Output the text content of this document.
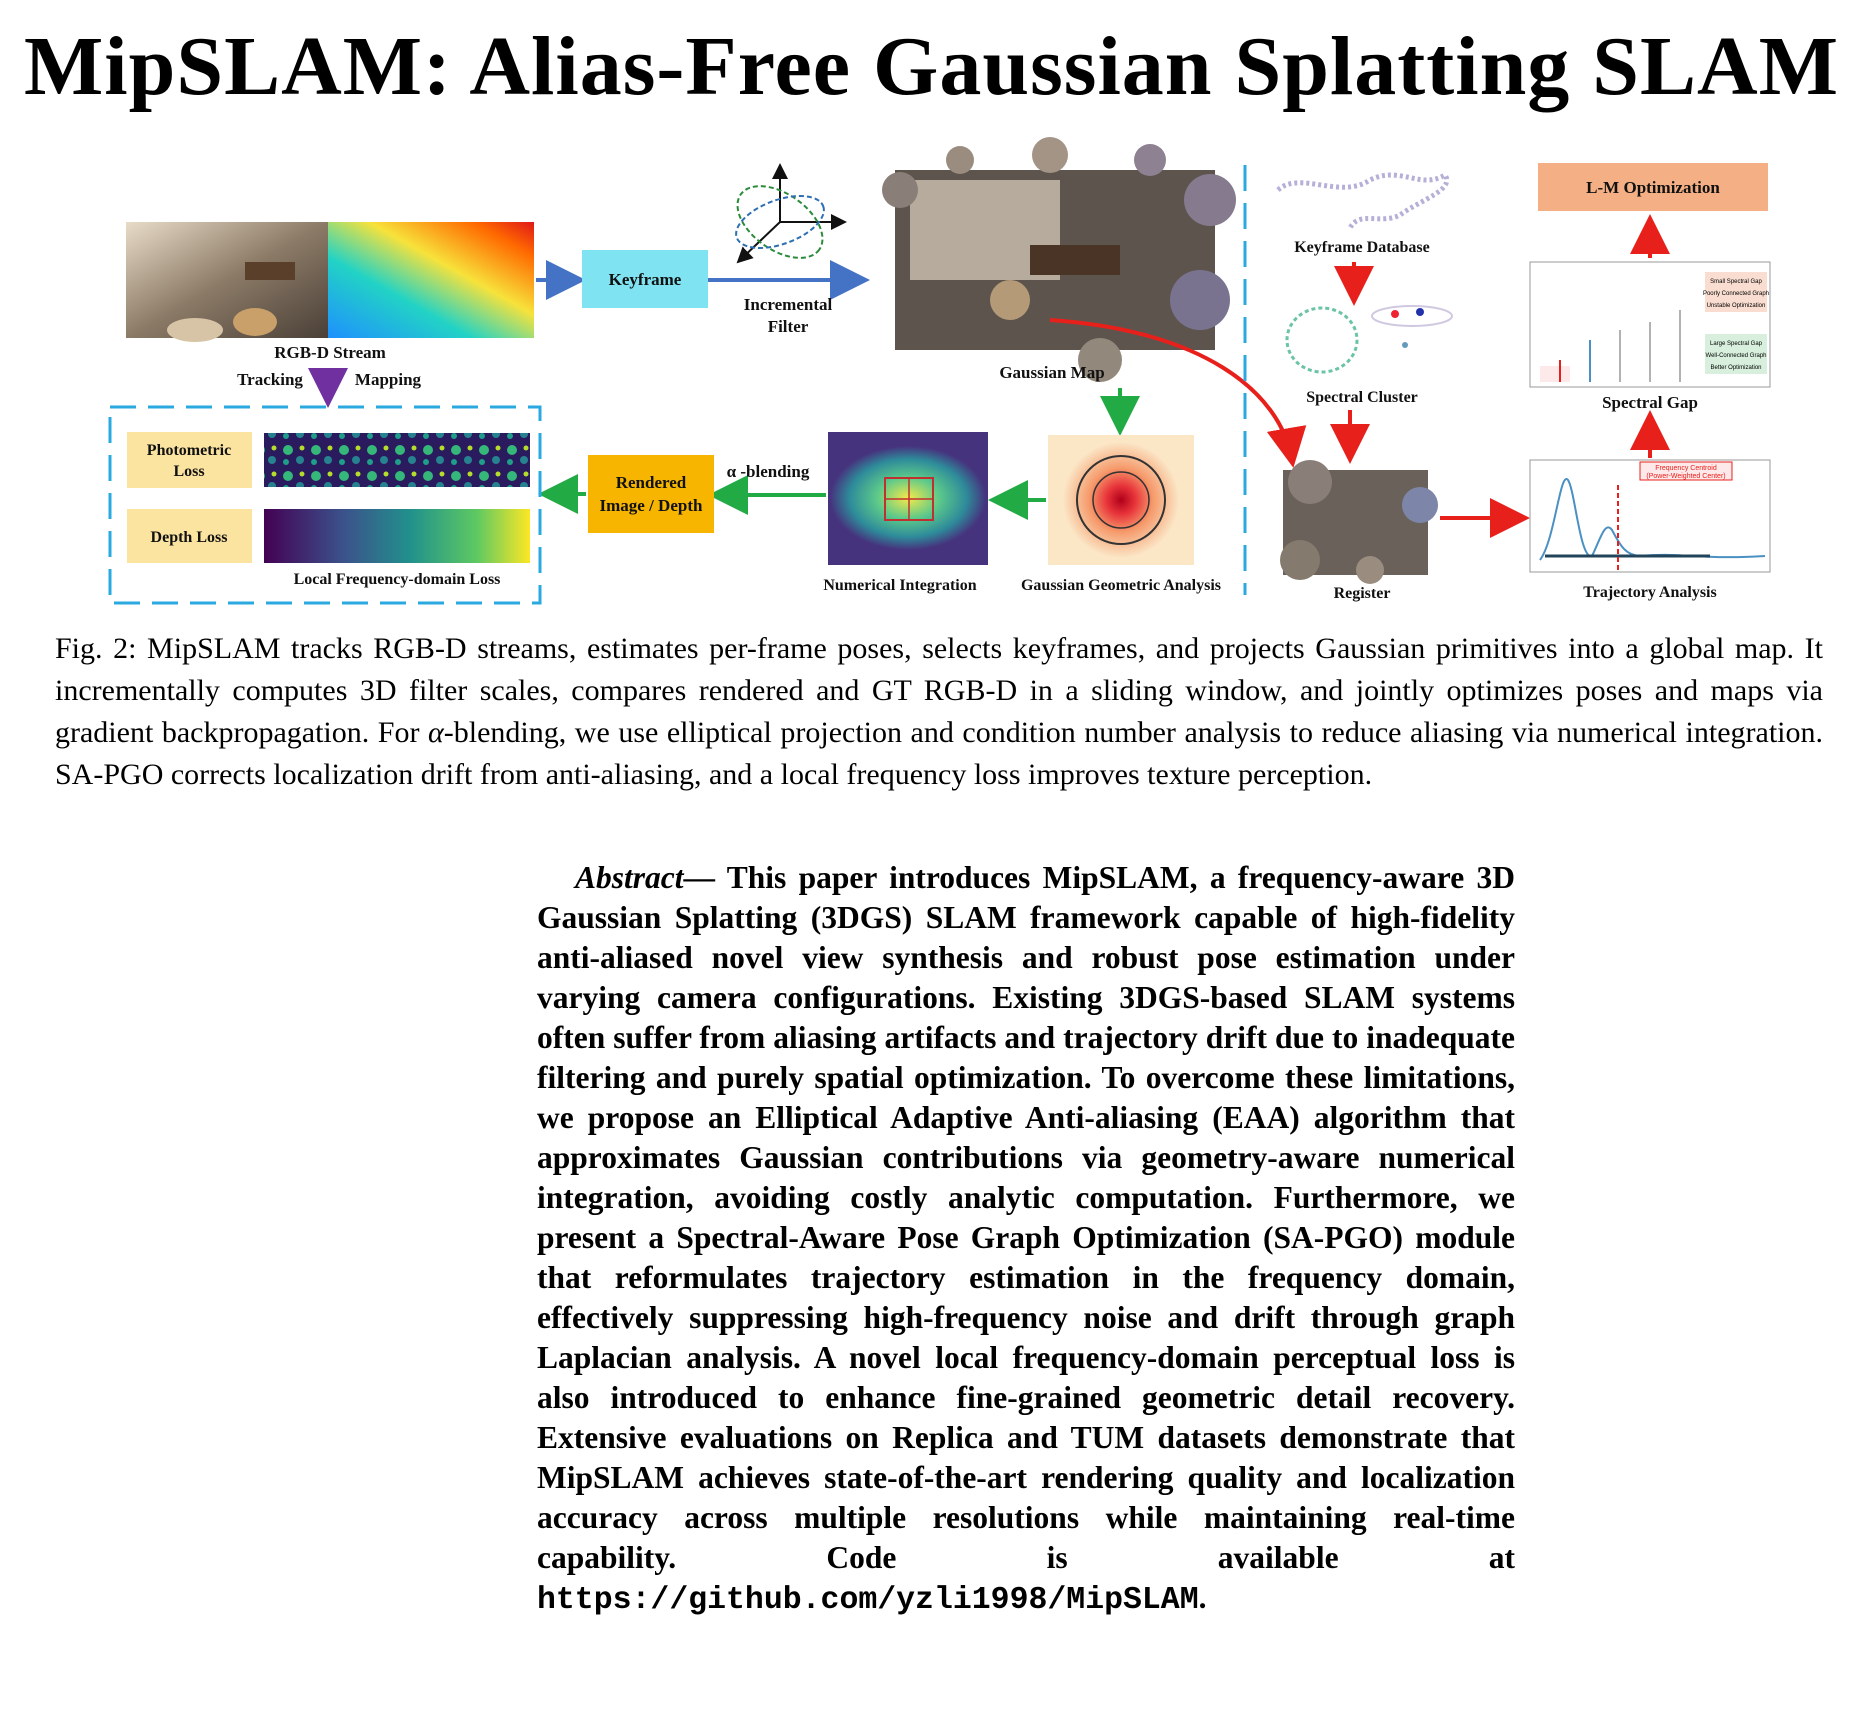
MipSLAM: Alias-Free Gaussian Splatting SLAM
RGB-D Stream
Tracking	Mapping
Keyframe
Incremental
Filter
Gaussian Map
Gaussian Geometric Analysis
Numerical Integration
α -blending
Rendered
Image / Depth
Photometric
Loss
Depth Loss
Local Frequency-domain Loss
Keyframe Database
Spectral Cluster
Register
Frequency Centroid
(Power-Weighted Center)
Trajectory Analysis
Small Spectral Gap
Poorly Connected Graph
Unstable Optimization
Large Spectral Gap
Well-Connected Graph
Better Optimization
Spectral Gap
L-M Optimization
Fig. 2: MipSLAM tracks RGB-D streams, estimates per-frame poses, selects keyframes, and projects Gaussian primitives into a global map. It incrementally computes 3D filter scales, compares rendered and GT RGB-D in a sliding window, and jointly optimizes poses and maps via gradient backpropagation. For α-blending, we use elliptical projection and condition number analysis to reduce aliasing via numerical integration. SA-PGO corrects localization drift from anti-aliasing, and a local frequency loss improves texture perception.
Abstract— This paper introduces MipSLAM, a frequency-aware 3D Gaussian Splatting (3DGS) SLAM framework capable of high-fidelity anti-aliased novel view synthesis and robust pose estimation under varying camera configurations. Existing 3DGS-based SLAM systems often suffer from aliasing artifacts and trajectory drift due to inadequate filtering and purely spatial optimization. To overcome these limitations, we propose an Elliptical Adaptive Anti-aliasing (EAA) algorithm that approximates Gaussian contributions via geometry-aware numerical integration, avoiding costly analytic computation. Furthermore, we present a Spectral-Aware Pose Graph Optimization (SA-PGO) module that reformulates trajectory estimation in the frequency domain, effectively suppressing high-frequency noise and drift through graph Laplacian analysis. A novel local frequency-domain perceptual loss is also introduced to enhance fine-grained geometric detail recovery. Extensive evaluations on Replica and TUM datasets demonstrate that MipSLAM achieves state-of-the-art rendering quality and localization accuracy across multiple resolutions while maintaining real-time capability. Code is available at https://github.com/yzli1998/MipSLAM.
